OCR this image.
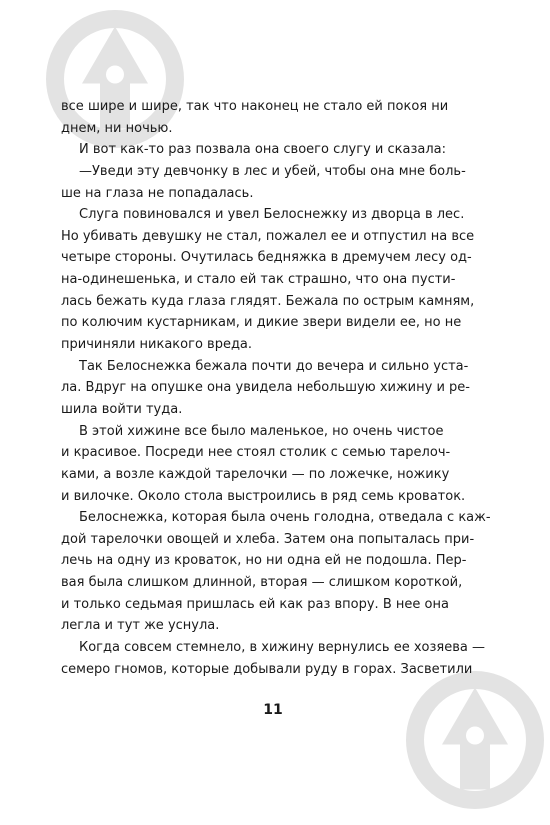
все шире и шире, так что наконец не стало ей покоя ни
днем, ни ночью.
И вот как-то раз позвала она своего слугу и сказала:
—Уведи эту девчонку в лес и убей, чтобы она мне боль-
ше на глаза не попадалась.
Слуга повиновался и увел Белоснежку из дворца в лес.
Но убивать девушку не стал, пожалел ее и отпустил на все
четыре стороны. Очутилась бедняжка в дремучем лесу од-
на-одинешенька, и стало ей так страшно, что она пусти-
лась бежать куда глаза глядят. Бежала по острым камням,
по колючим кустарникам, и дикие звери видели ее, но не
причиняли никакого вреда.
Так Белоснежка бежала почти до вечера и сильно уста-
ла. Вдруг на опушке она увидела небольшую хижину и ре-
шила войти туда.
В этой хижине все было маленькое, но очень чистое
и красивое. Посреди нее стоял столик с семью тарелоч-
ками, а возле каждой тарелочки — по ложечке, ножику
и вилочке. Около стола выстроились в ряд семь кроваток.
Белоснежка, которая была очень голодна, отведала с кaж-
дой тарелочки овощей и хлеба. Затем она попыталась при-
лечь на одну из кроваток, но ни одна ей не подошла. Пер-
вая была слишком длинной, вторая — слишком короткой,
и только седьмая пришлась ей как раз впору. В нее она
легла и тут же уснула.
Когда совсем стемнело, в хижину вернулись ее хозяева —
семеро гномов, которые добывали руду в горах. Засветили
11
